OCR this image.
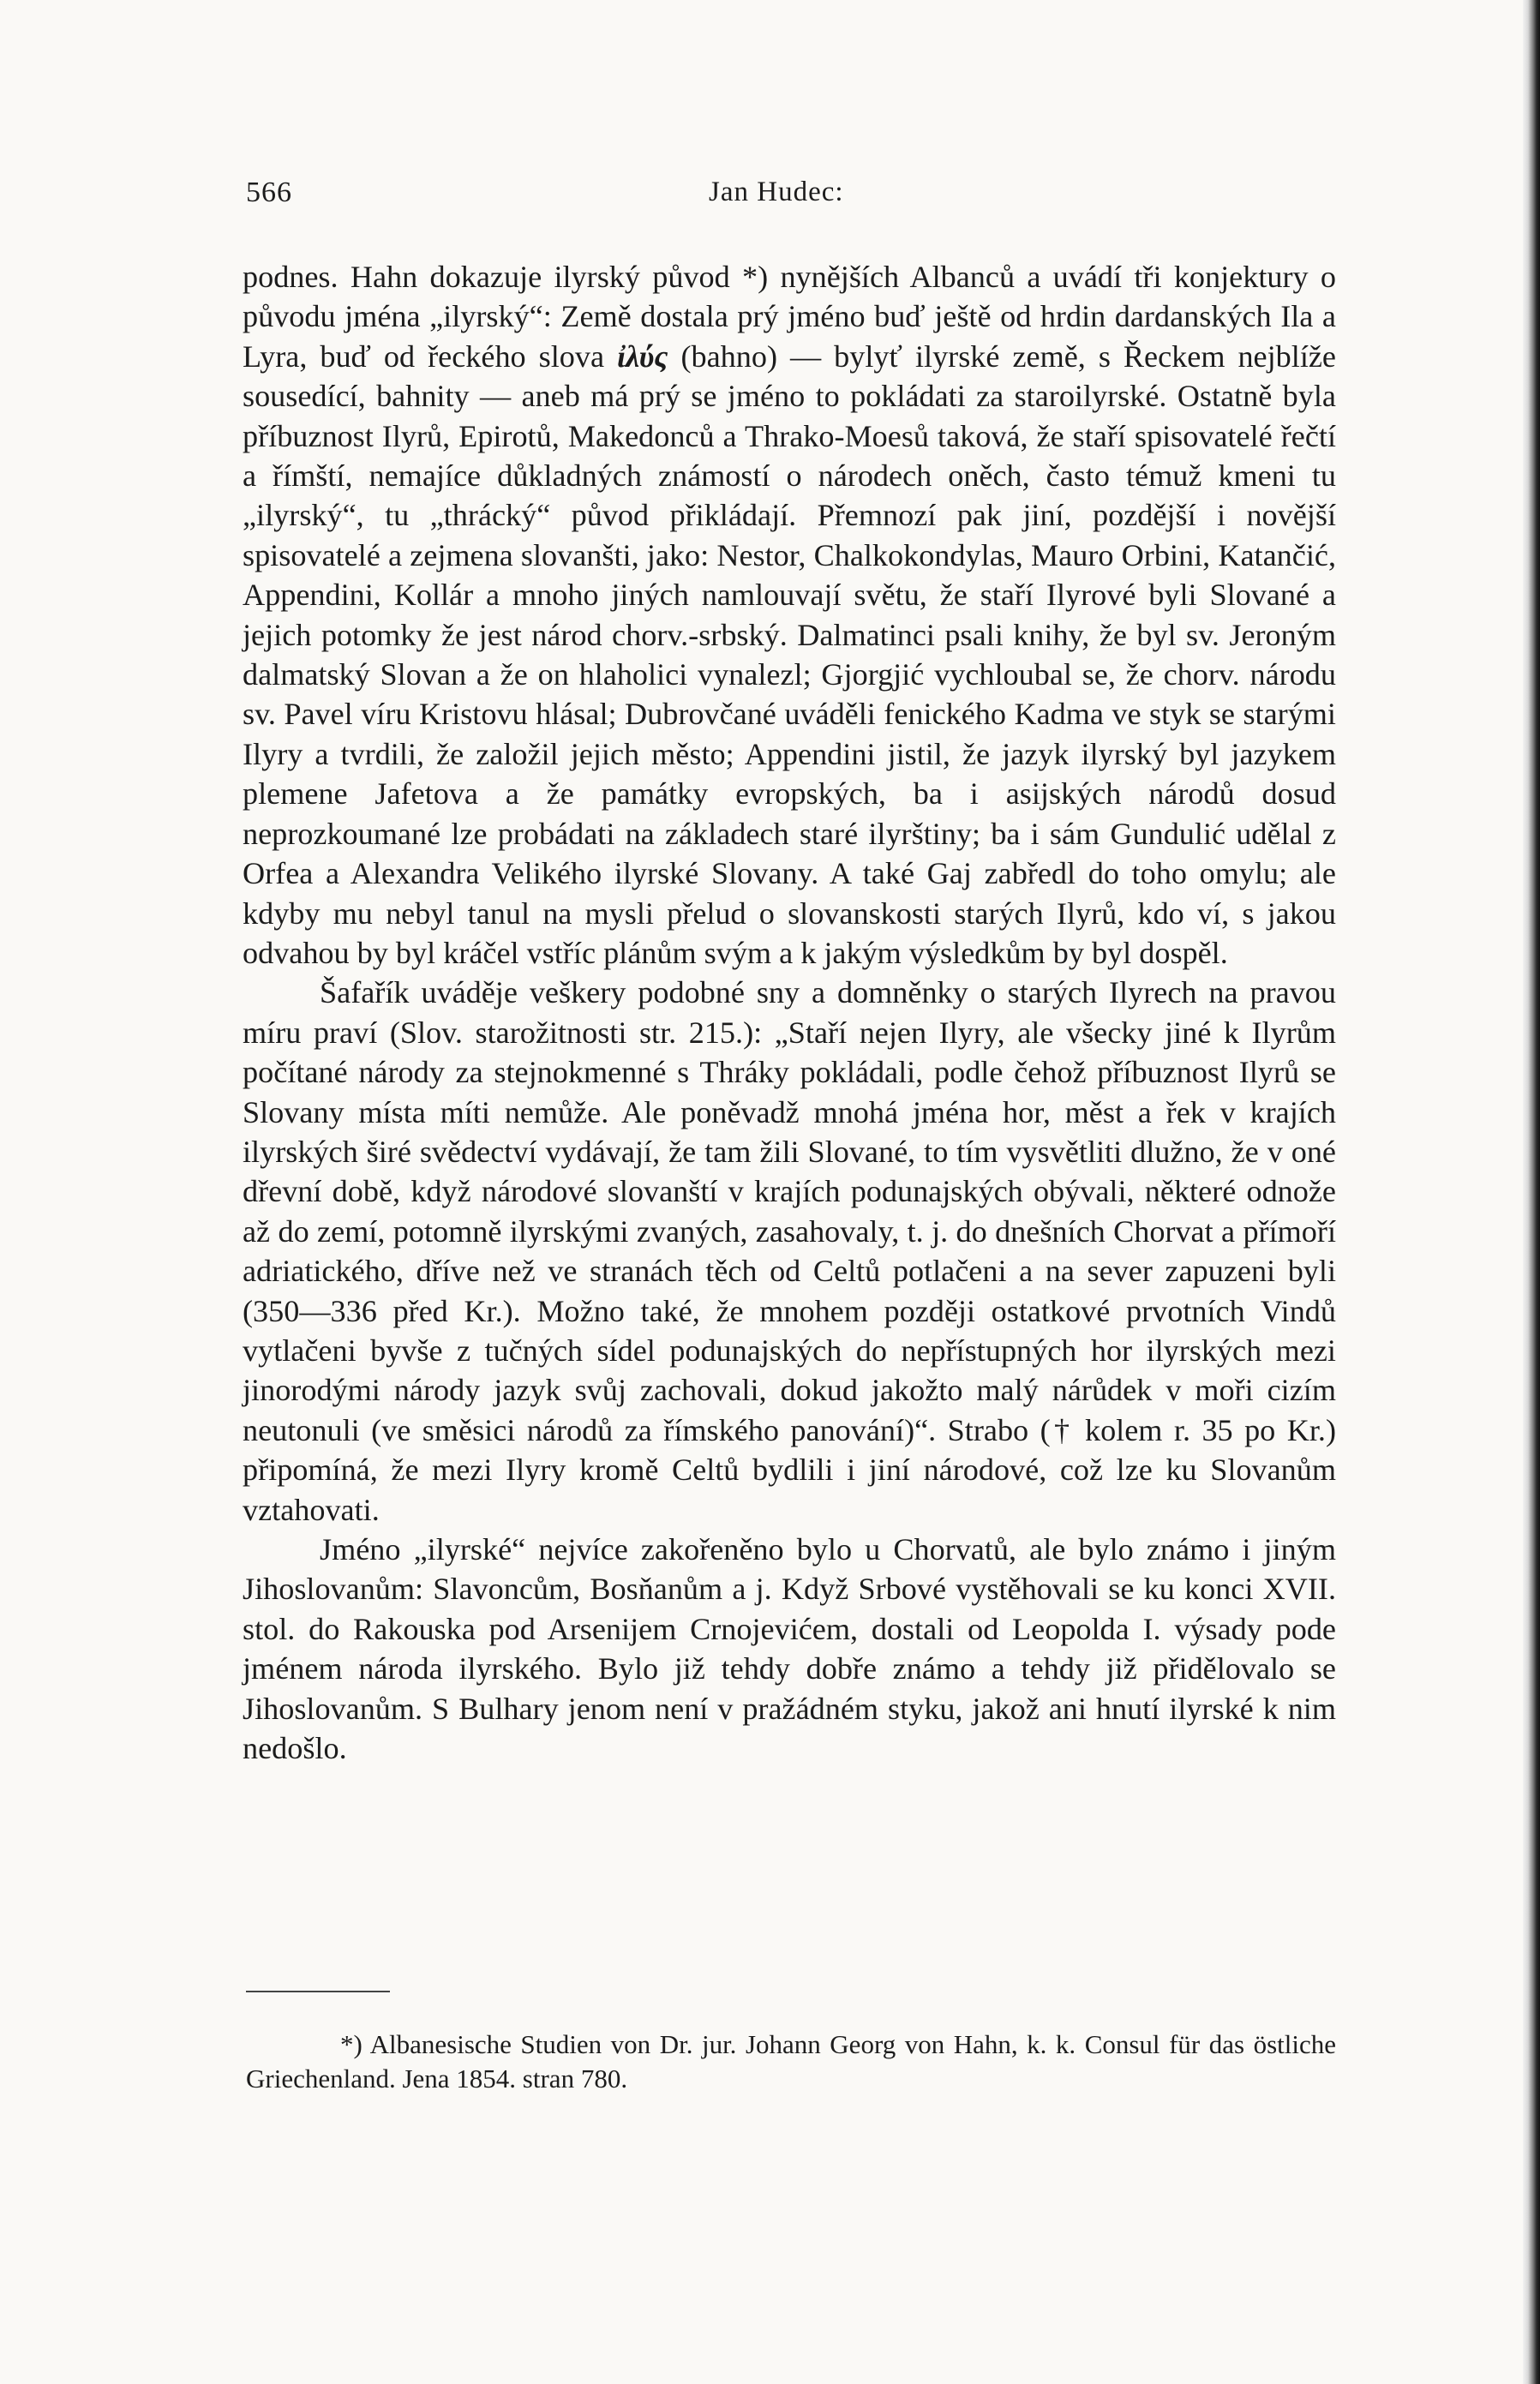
566	Jan Hudec:

podnes. Hahn dokazuje ilyrský původ *) nynějších Albanců a uvádí tři konjektury o původu jména „ilyrský“: Země dostala prý jméno buď ještě od hrdin dardanských Ila a Lyra, buď od řeckého slova ἰλύς (bahno) — bylyť ilyrské země, s Řeckem nejblíže sousedící, bahnity — aneb má prý se jméno to pokládati za staroilyrské. Ostatně byla příbuznost Ilyrů, Epirotů, Makedonců a Thrako-Moesů taková, že staří spisovatelé řečtí a římští, nemajíce důkladných známostí o národech oněch, často témuž kmeni tu „ilyrský“, tu „thrácký“ původ přikládají. Přemnozí pak jiní, pozdější i novější spisovatelé a zejmena slovanšti, jako: Nestor, Chalkokondylas, Mauro Orbini, Katančić, Appendini, Kollár a mnoho jiných namlouvají světu, že staří Ilyrové byli Slované a jejich potomky že jest národ chorv.-srbský. Dalmatinci psali knihy, že byl sv. Jeroným dalmatský Slovan a že on hlaholici vynalezl; Gjorgjić vychloubal se, že chorv. národu sv. Pavel víru Kristovu hlásal; Dubrovčané uváděli fenického Kadma ve styk se starými Ilyry a tvrdili, že založil jejich město; Appendini jistil, že jazyk ilyrský byl jazykem plemene Jafetova a že památky evropských, ba i asijských národů dosud neprozkoumané lze probádati na základech staré ilyrštiny; ba i sám Gundulić udělal z Orfea a Alexandra Velikého ilyrské Slovany. A také Gaj zabředl do toho omylu; ale kdyby mu nebyl tanul na mysli přelud o slovanskosti starých Ilyrů, kdo ví, s jakou odvahou by byl kráčel vstříc plánům svým a k jakým výsledkům by byl dospěl.

Šafařík uváděje veškery podobné sny a domněnky o starých Ilyrech na pravou míru praví (Slov. starožitnosti str. 215.): „Staří nejen Ilyry, ale všecky jiné k Ilyrům počítané národy za stejnokmenné s Thráky pokládali, podle čehož příbuznost Ilyrů se Slovany místa míti nemůže. Ale poněvadž mnohá jména hor, měst a řek v krajích ilyrských širé svědectví vydávají, že tam žili Slované, to tím vysvětliti dlužno, že v oné dřevní době, když národové slovanští v krajích podunajských obývali, některé odnože až do zemí, potomně ilyrskými zvaných, zasahovaly, t. j. do dnešních Chorvat a přímoří adriatického, dříve než ve stranách těch od Celtů potlačeni a na sever zapuzeni byli (350—336 před Kr.). Možno také, že mnohem později ostatkové prvotních Vindů vytlačeni byvše z tučných sídel podunajských do nepřístupných hor ilyrských mezi jinorodými národy jazyk svůj zachovali, dokud jakožto malý nárůdek v moři cizím neutonuli (ve směsici národů za římského panování)“. Strabo († kolem r. 35 po Kr.) připomíná, že mezi Ilyry kromě Celtů bydlili i jiní národové, což lze ku Slovanům vztahovati.

Jméno „ilyrské“ nejvíce zakořeněno bylo u Chorvatů, ale bylo známo i jiným Jihoslovanům: Slavoncům, Bosňanům a j. Když Srbové vystěhovali se ku konci XVII. stol. do Rakouska pod Arsenijem Crnojevićem, dostali od Leopolda I. výsady pode jménem národa ilyrského. Bylo již tehdy dobře známo a tehdy již přidělovalo se Jihoslovanům. S Bulhary jenom není v pražádném styku, jakož ani hnutí ilyrské k nim nedošlo.

*) Albanesische Studien von Dr. jur. Johann Georg von Hahn, k. k. Consul für das östliche Griechenland. Jena 1854. stran 780.
